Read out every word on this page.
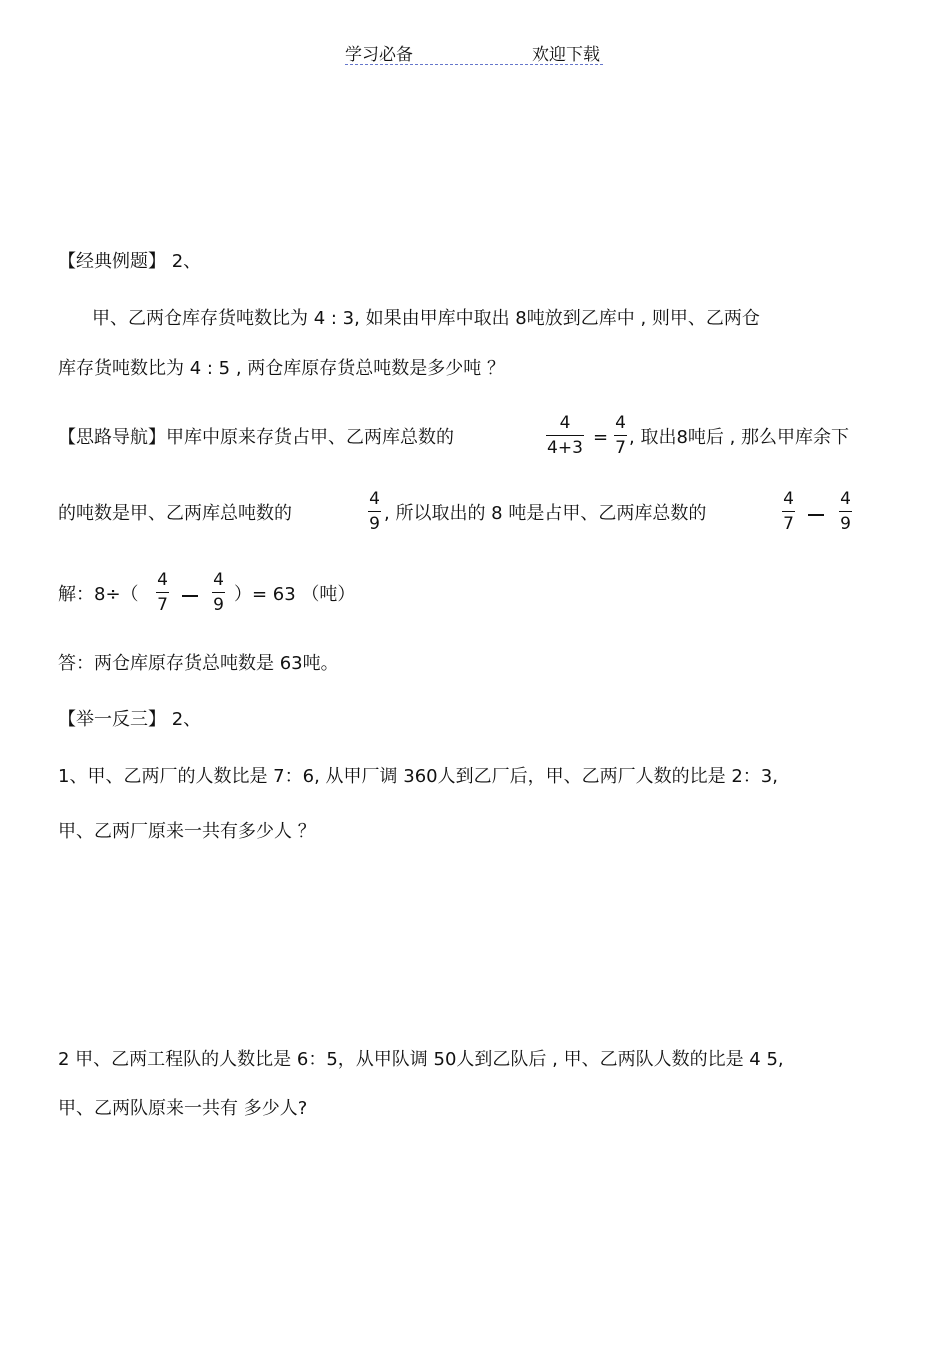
学习必备	欢迎下载
【经典例题】 2、
甲、乙两仓库存货吨数比为 4 : 3, 如果由甲库中取出 8吨放到乙库中 , 则甲、乙两仓
库存货吨数比为 4 : 5 , 两仓库原存货总吨数是多少吨 ？
【思路导航】甲库中原来存货占甲、乙两库总数的
4
4+3
=
4
7
, 取出8吨后 , 那么甲库余下
的吨数是甲、乙两库总吨数的
4
9
, 所以取出的 8 吨是占甲、乙两库总数的
4
7
4
9
解：8÷（
4
7
4
9
）= 63 （吨）
答：两仓库原存货总吨数是 63吨。
【举一反三】 2、
1、甲、乙两厂的人数比是 7：6, 从甲厂调 360人到乙厂后，甲、乙两厂人数的比是 2：3,
甲、乙两厂原来一共有多少人 ？
2 甲、乙两工程队的人数比是 6：5，从甲队调 50人到乙队后 , 甲、乙两队人数的比是 4 5,
甲、乙两队原来一共有 多少人?
